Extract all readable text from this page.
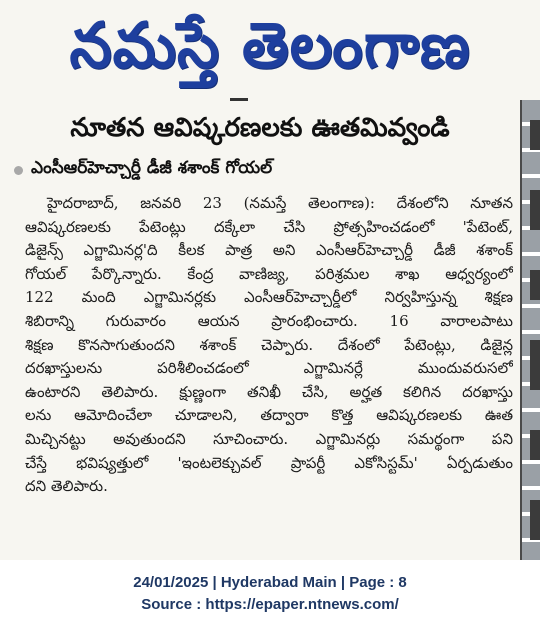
నమస్తే తెలంగాణ
నూతన ఆవిష్కరణలకు ఊతమివ్వండి
ఎంసీఆర్‌హెచ్చార్డీ డీజీ శశాంక్‌ గోయల్‌
హైదరాబాద్‌, జనవరి 23 (నమస్తే తెలంగాణ): దేశంలోని నూతన
ఆవిష్కరణలకు పేటెంట్లు దక్కేలా చేసి ప్రోత్సహించడంలో 'పేటెంట్‌,
డిజైన్స్‌ ఎగ్జామినర్ల'ది కీలక పాత్ర అని ఎంసీఆర్‌హెచ్చార్డీ డీజీ శశాంక్‌
గోయల్‌ పేర్కొన్నారు. కేంద్ర వాణిజ్య, పరిశ్రమల శాఖ ఆధ్వర్యంలో
122 మంది ఎగ్జామినర్లకు ఎంసీఆర్‌హెచ్చార్డీలో నిర్వహిస్తున్న శిక్షణ
శిబిరాన్ని గురువారం ఆయన ప్రారంభించారు. 16 వారాలపాటు
శిక్షణ కొనసాగుతుందని శశాంక్‌ చెప్పారు. దేశంలో పేటెంట్లు, డిజైన్ల
దరఖాస్తులను పరిశీలించడంలో ఎగ్జామినర్లే ముందువరుసలో
ఉంటారని తెలిపారు. క్షుణ్ణంగా తనిఖీ చేసి, అర్హత కలిగిన దరఖాస్తు
లను ఆమోదించేలా చూడాలని, తద్వారా కొత్త ఆవిష్కరణలకు ఊత
మిచ్చినట్టు అవుతుందని సూచించారు. ఎగ్జామినర్లు సమర్థంగా పని
చేస్తే భవిష్యత్తులో 'ఇంటలెక్చువల్‌ ప్రాపర్టీ ఎకోసిస్టమ్‌' ఏర్పడుతుం
దని తెలిపారు.
24/01/2025 | Hyderabad Main | Page : 8
Source : https://epaper.ntnews.com/
